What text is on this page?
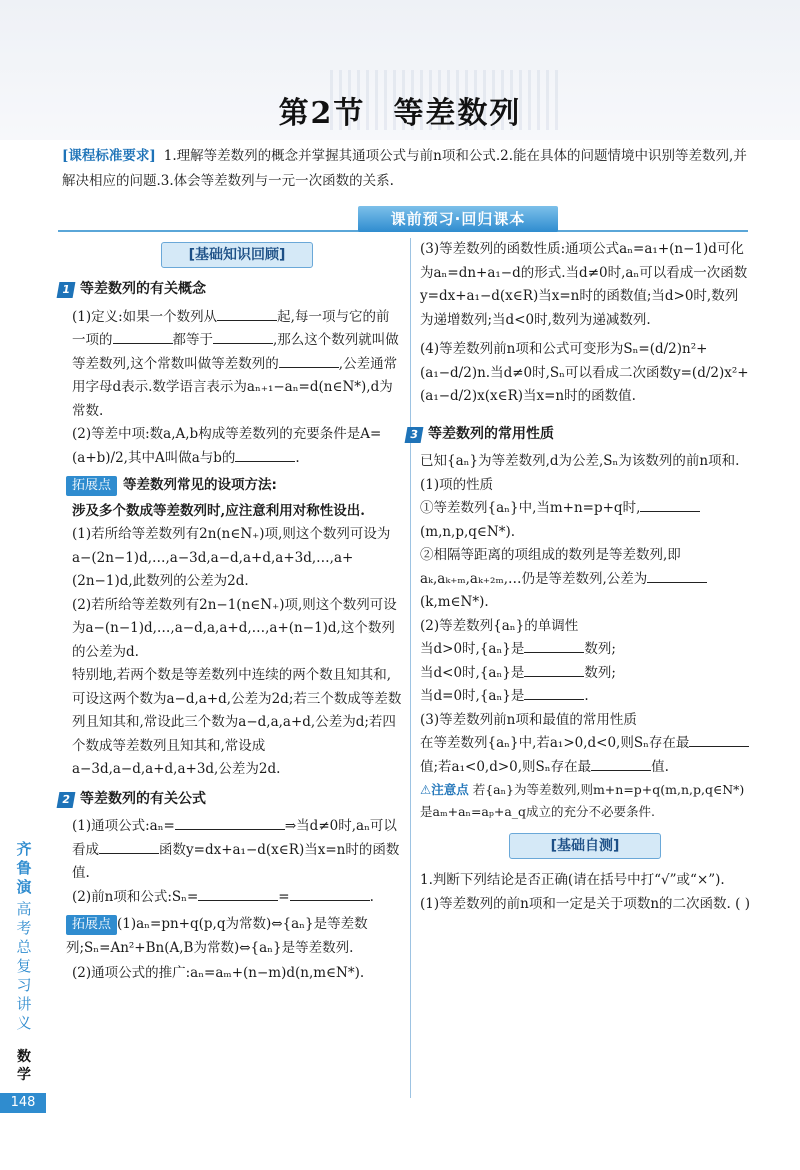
第2节 等差数列
[课程标准要求] 1.理解等差数列的概念并掌握其通项公式与前n项和公式.2.能在具体的问题情境中识别等差数列,并解决相应的问题.3.体会等差数列与一元一次函数的关系.
课前预习·回归课本
[基础知识回顾]
1 等差数列的有关概念

(1)定义:如果一个数列从	起,每一项与它的前一项的	都等于	,那么这个数列就叫做等差数列,这个常数叫做等差数列的	,公差通常用字母d表示.数学语言表示为aₙ₊₁−aₙ=d(n∈N*),d为常数.

(2)等差中项:数a,A,b构成等差数列的充要条件是A=(a+b)/2,其中A叫做a与b的	.

拓展点 等差数列常见的设项方法:

涉及多个数成等差数列时,应注意利用对称性设出.

(1)若所给等差数列有2n(n∈N₊)项,则这个数列可设为a−(2n−1)d,…,a−3d,a−d,a+d,a+3d,…,a+(2n−1)d,此数列的公差为2d.

(2)若所给等差数列有2n−1(n∈N₊)项,则这个数列可设为a−(n−1)d,…,a−d,a,a+d,…,a+(n−1)d,这个数列的公差为d.

特别地,若两个数是等差数列中连续的两个数且知其和,可设这两个数为a−d,a+d,公差为2d;若三个数成等差数列且知其和,常设此三个数为a−d,a,a+d,公差为d;若四个数成等差数列且知其和,常设成a−3d,a−d,a+d,a+3d,公差为2d.

2 等差数列的有关公式

(1)通项公式:aₙ=	⇒当d≠0时,aₙ可以看成	函数y=dx+a₁−d(x∈R)当x=n时的函数值.

(2)前n项和公式:Sₙ=	=	.

拓展点 (1)aₙ=pn+q(p,q为常数)⇔{aₙ}是等差数列;Sₙ=An²+Bn(A,B为常数)⇔{aₙ}是等差数列.

(2)通项公式的推广:aₙ=aₘ+(n−m)d(n,m∈N*).

(3)等差数列的函数性质:通项公式aₙ=a₁+(n−1)d可化为aₙ=dn+a₁−d的形式.当d≠0时,aₙ可以看成一次函数y=dx+a₁−d(x∈R)当x=n时的函数值;当d>0时,数列为递增数列;当d<0时,数列为递减数列.

(4)等差数列前n项和公式可变形为Sₙ=(d/2)n²+(a₁−d/2)n.当d≠0时,Sₙ可以看成二次函数y=(d/2)x²+(a₁−d/2)x(x∈R)当x=n时的函数值.

3 等差数列的常用性质

已知{aₙ}为等差数列,d为公差,Sₙ为该数列的前n项和.

(1)项的性质

①等差数列{aₙ}中,当m+n=p+q时,(m,n,p,q∈N*).

②相隔等距离的项组成的数列是等差数列,即aₖ,aₖ₊ₘ,aₖ₊₂ₘ,…仍是等差数列,公差为(k,m∈N*).

(2)等差数列{aₙ}的单调性

当d>0时,{aₙ}是	数列;

当d<0时,{aₙ}是	数列;

当d=0时,{aₙ}是	.

(3)等差数列前n项和最值的常用性质

在等差数列{aₙ}中,若a₁>0,d<0,则Sₙ存在最值;若a₁<0,d>0,则Sₙ存在最	值.

⚠注意点 若{aₙ}为等差数列,则m+n=p+q(m,n,p,q∈N*)是aₘ+aₙ=aₚ+a_q成立的充分不必要条件.

[基础自测]

1.判断下列结论是否正确(请在括号中打“√”或“×”).

(1)等差数列的前n项和一定是关于项数n的二次函数. ( )

齐鲁演
高考总复习讲义
数学
148
